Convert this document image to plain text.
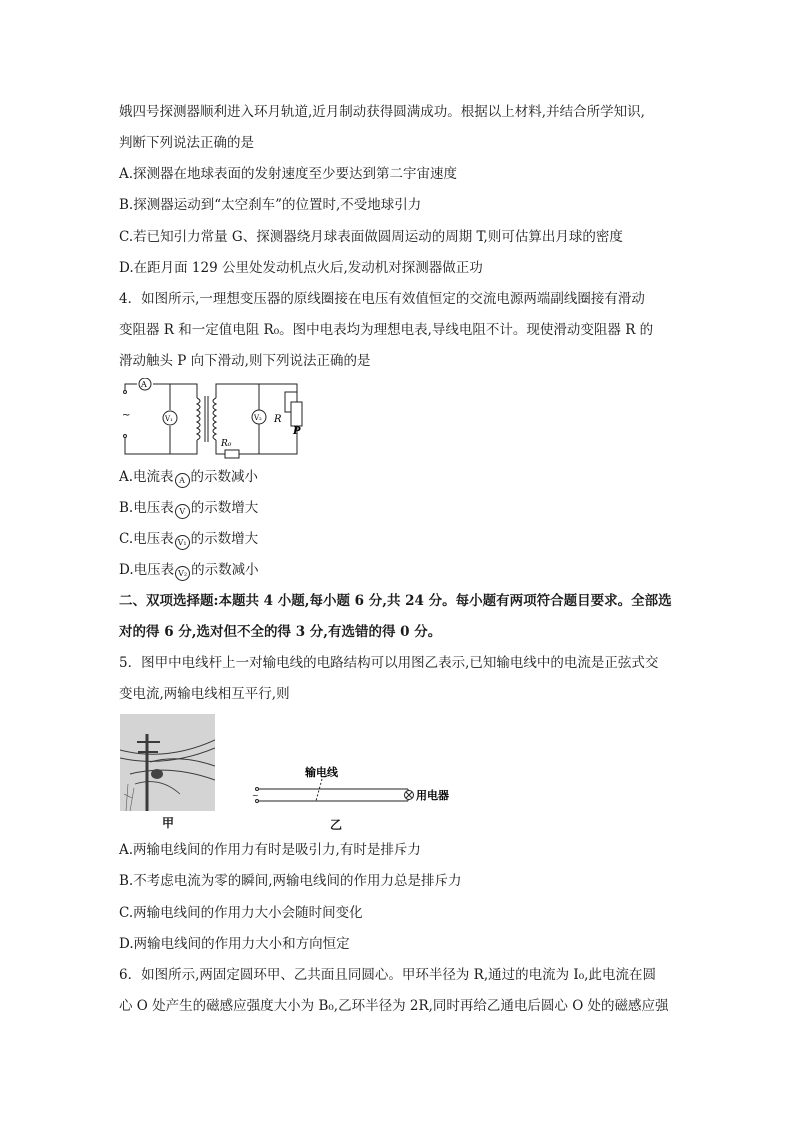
娥四号探测器顺利进入环月轨道,近月制动获得圆满成功。根据以上材料,并结合所学知识,
判断下列说法正确的是
A.探测器在地球表面的发射速度至少要达到第二宇宙速度
B.探测器运动到“太空刹车”的位置时,不受地球引力
C.若已知引力常量 G、探测器绕月球表面做圆周运动的周期 T,则可估算出月球的密度
D.在距月面 129 公里处发动机点火后,发动机对探测器做正功
4．如图所示,一理想变压器的原线圈接在电压有效值恒定的交流电源两端副线圈接有滑动
变阻器 R 和一定值电阻 R₀。图中电表均为理想电表,导线电阻不计。现使滑动变阻器 R 的
滑动触头 P 向下滑动,则下列说法正确的是
A
V₁	V₂ R
P
R₀
~
A.电流表 A 的示数减小
B.电压表 V 的示数增大
C.电压表 V₁ 的示数增大
D.电压表 V₂ 的示数减小
二、双项选择题:本题共 4 小题,每小题 6 分,共 24 分。每小题有两项符合题目要求。全部选
对的得 6 分,选对但不全的得 3 分,有选错的得 0 分。
5．图甲中电线杆上一对输电线的电路结构可以用图乙表示,已知输电线中的电流是正弦式交
变电流,两输电线相互平行,则
甲
~
输电线
用电器
乙
A.两输电线间的作用力有时是吸引力,有时是排斥力
B.不考虑电流为零的瞬间,两输电线间的作用力总是排斥力
C.两输电线间的作用力大小会随时间变化
D.两输电线间的作用力大小和方向恒定
6．如图所示,两固定圆环甲、乙共面且同圆心。甲环半径为 R,通过的电流为 I₀,此电流在圆
心 O 处产生的磁感应强度大小为 B₀,乙环半径为 2R,同时再给乙通电后圆心 O 处的磁感应强
